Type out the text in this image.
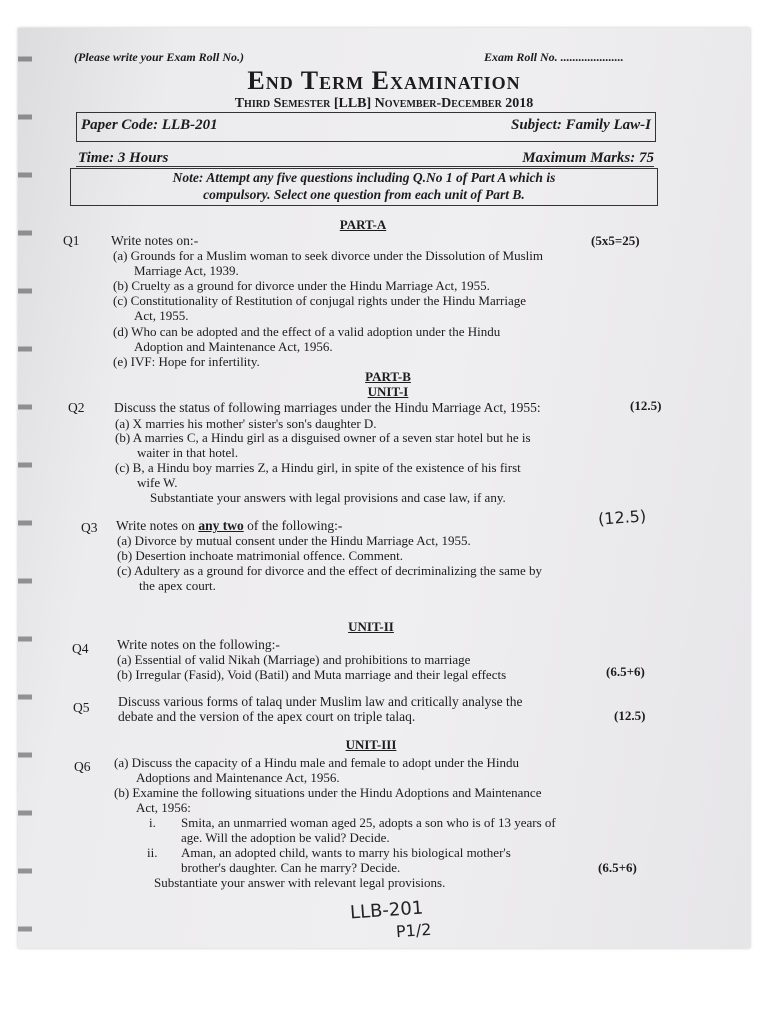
(Please write your Exam Roll No.)	Exam Roll No. .....................
End Term Examination
Third Semester [LLB] November-December 2018
Paper Code: LLB-201	Subject: Family Law-I
Time: 3 Hours	Maximum Marks: 75
Note: Attempt any five questions including Q.No 1 of Part A which is
compulsory. Select one question from each unit of Part B.
PART-A
Q1 Write notes on:-	(5x5=25)
(a) Grounds for a Muslim woman to seek divorce under the Dissolution of Muslim
Marriage Act, 1939.
(b) Cruelty as a ground for divorce under the Hindu Marriage Act, 1955.
(c) Constitutionality of Restitution of conjugal rights under the Hindu Marriage
Act, 1955.
(d) Who can be adopted and the effect of a valid adoption under the Hindu
Adoption and Maintenance Act, 1956.
(e) IVF: Hope for infertility.
PART-B
UNIT-I
Q2 Discuss the status of following marriages under the Hindu Marriage Act, 1955:	(12.5)
(a) X marries his mother' sister's son's daughter D.
(b) A marries C, a Hindu girl as a disguised owner of a seven star hotel but he is
waiter in that hotel.
(c) B, a Hindu boy marries Z, a Hindu girl, in spite of the existence of his first
wife W.
Substantiate your answers with legal provisions and case law, if any.
Q3 Write notes on any two of the following:-	(12.5)
(a) Divorce by mutual consent under the Hindu Marriage Act, 1955.
(b) Desertion inchoate matrimonial offence. Comment.
(c) Adultery as a ground for divorce and the effect of decriminalizing the same by
the apex court.
UNIT-II
Q4 Write notes on the following:-
(a) Essential of valid Nikah (Marriage) and prohibitions to marriage
(b) Irregular (Fasid), Void (Batil) and Muta marriage and their legal effects	(6.5+6)
Q5 Discuss various forms of talaq under Muslim law and critically analyse the
debate and the version of the apex court on triple talaq.	(12.5)
UNIT-III
Q6 (a) Discuss the capacity of a Hindu male and female to adopt under the Hindu
Adoptions and Maintenance Act, 1956.
(b) Examine the following situations under the Hindu Adoptions and Maintenance
Act, 1956:
i. Smita, an unmarried woman aged 25, adopts a son who is of 13 years of
age. Will the adoption be valid? Decide.
ii. Aman, an adopted child, wants to marry his biological mother's
brother's daughter. Can he marry? Decide.	(6.5+6)
Substantiate your answer with relevant legal provisions.
LLB-201
P1/2
